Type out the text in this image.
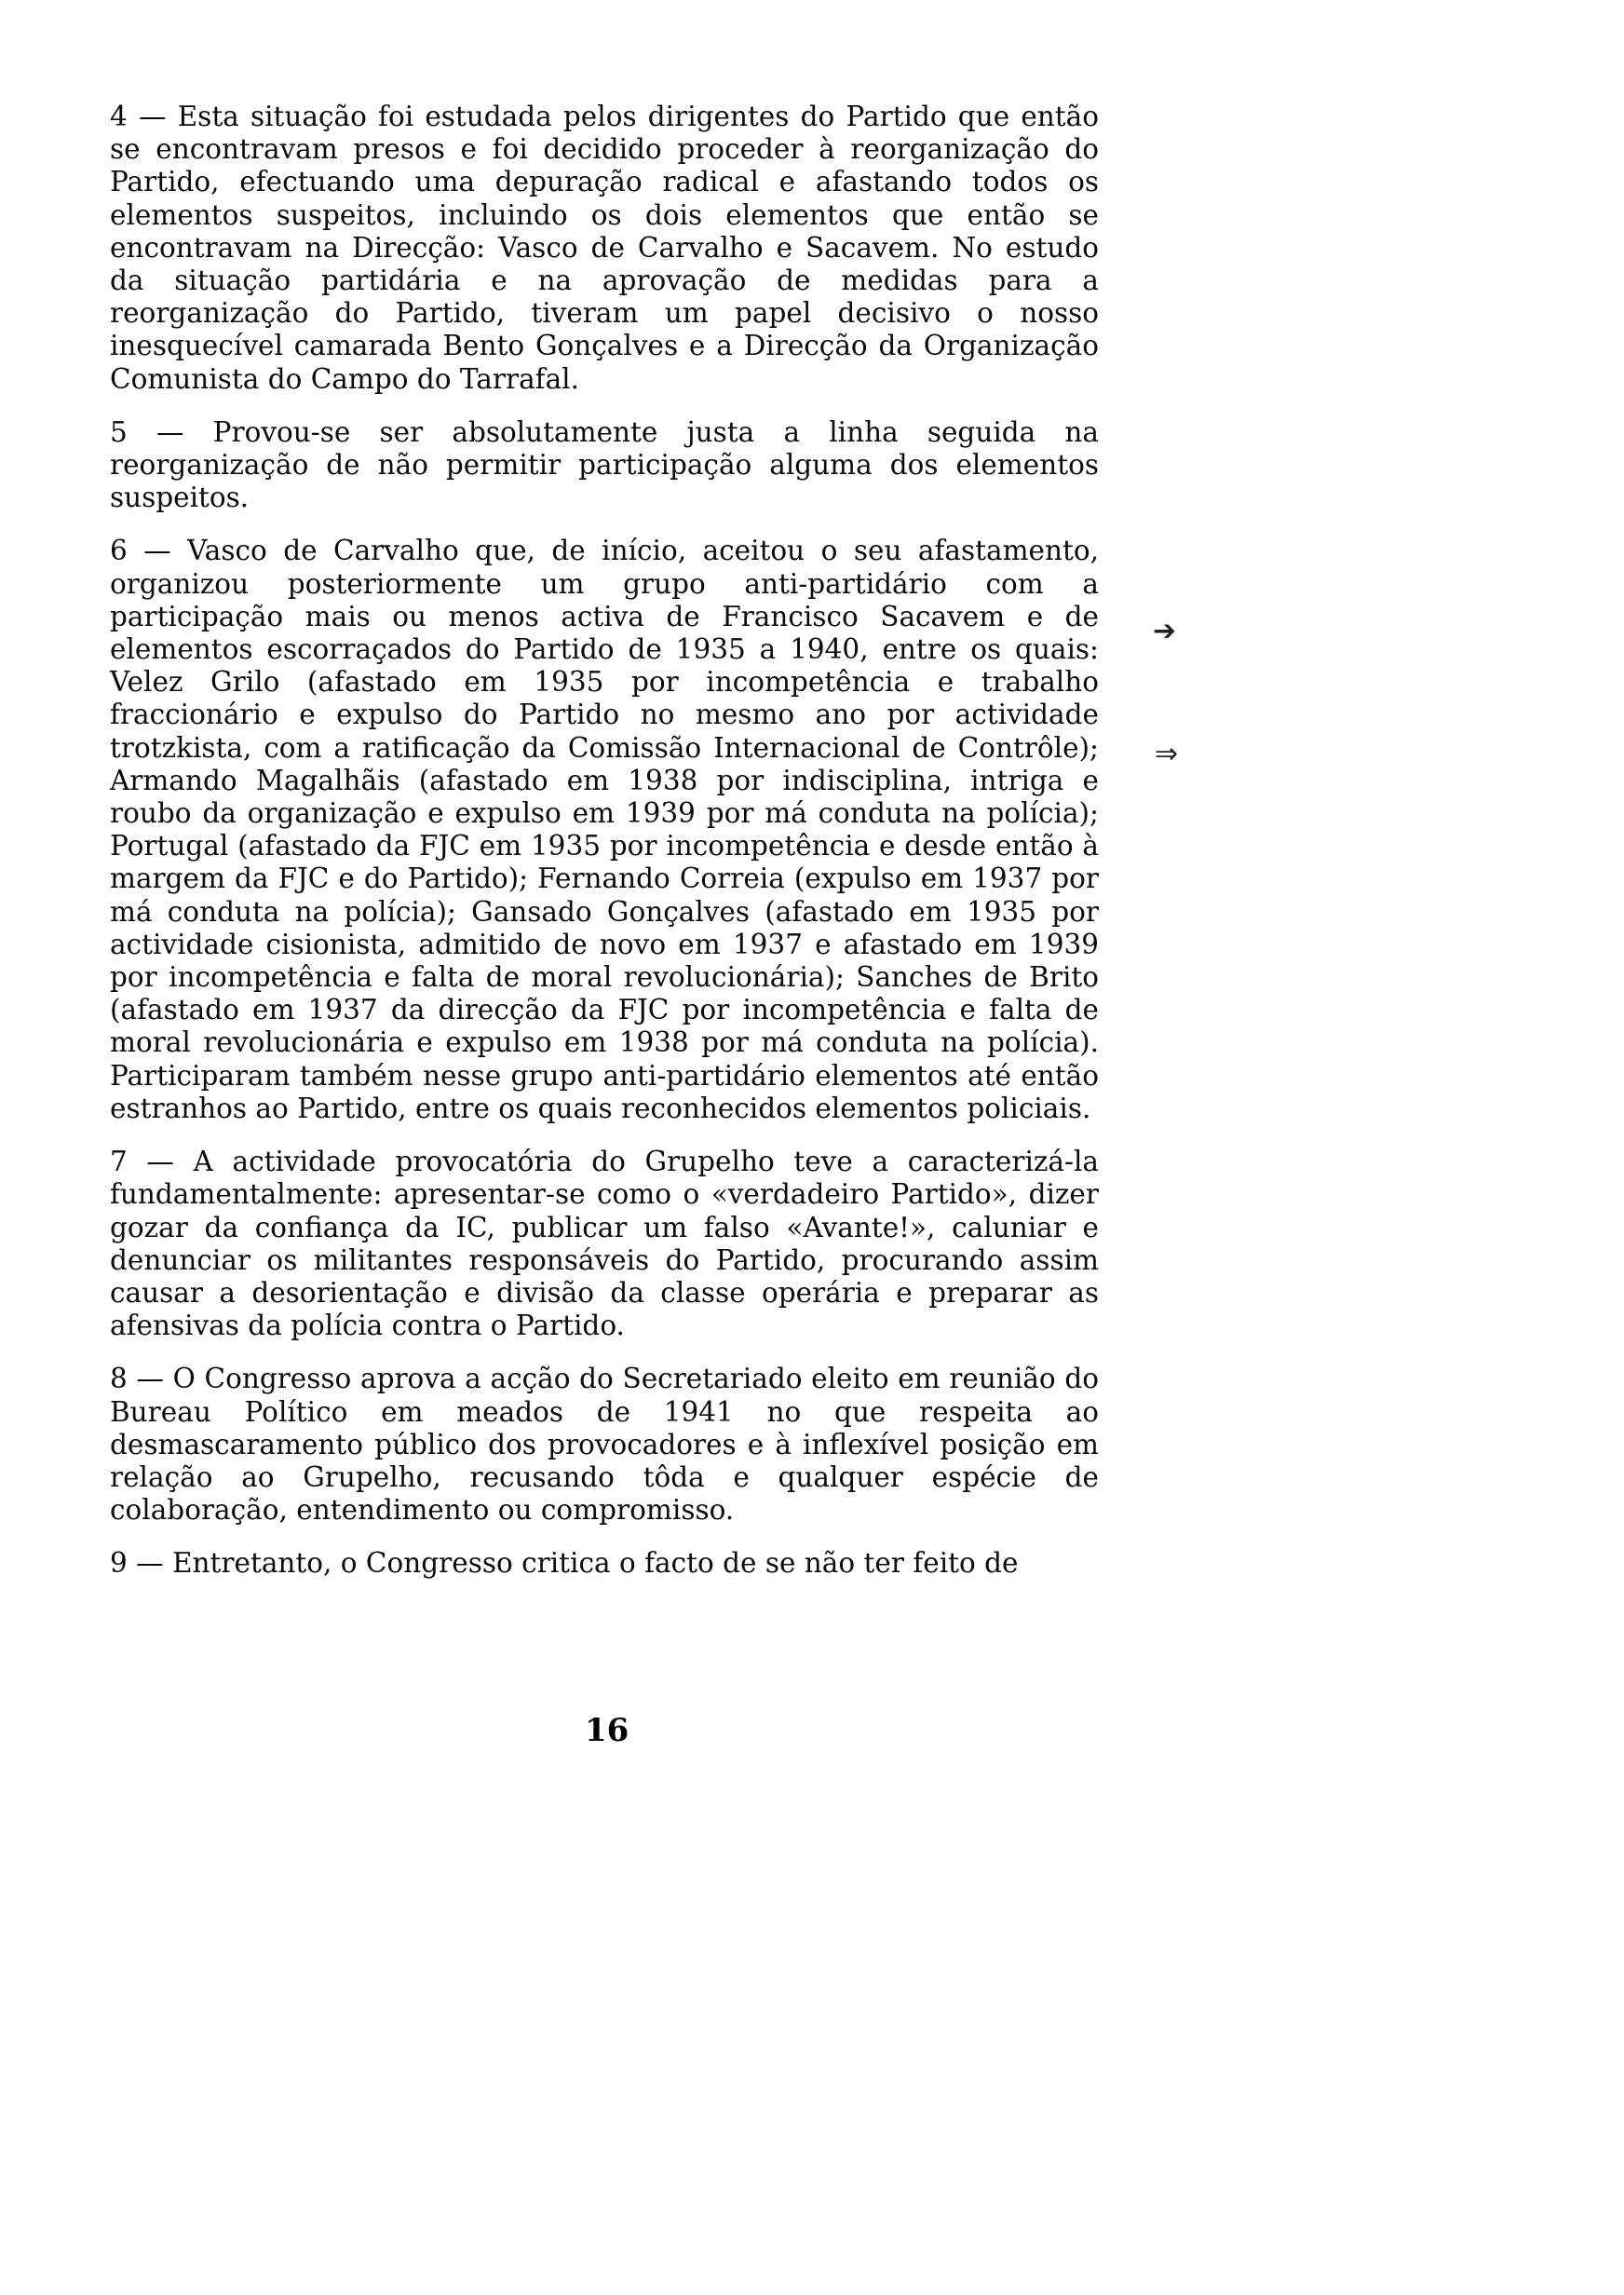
4 — Esta situação foi estudada pelos dirigentes do Partido que então se encontravam presos e foi decidido proceder à reorganização do Partido, efectuando uma depuração radical e afastando todos os elementos suspeitos, incluindo os dois elementos que então se encontravam na Direcção: Vasco de Carvalho e Sacavem. No estudo da situação partidária e na aprovação de medidas para a reorganização do Partido, tiveram um papel decisivo o nosso inesquecível camarada Bento Gonçalves e a Direcção da Organização Comunista do Campo do Tarrafal.

5 — Provou-se ser absolutamente justa a linha seguida na reorganização de não permitir participação alguma dos elementos suspeitos.

6 — Vasco de Carvalho que, de início, aceitou o seu afastamento, organizou posteriormente um grupo anti-partidário com a participação mais ou menos activa de Francisco Sacavem e de elementos escorraçados do Partido de 1935 a 1940, entre os quais: Velez Grilo (afastado em 1935 por incompetência e trabalho fraccionário e expulso do Partido no mesmo ano por actividade trotzkista, com a ratificação da Comissão Internacional de Contrôle); Armando Magalhãis (afastado em 1938 por indisciplina, intriga e roubo da organização e expulso em 1939 por má conduta na polícia); Portugal (afastado da FJC em 1935 por incompetência e desde então à margem da FJC e do Partido); Fernando Correia (expulso em 1937 por má conduta na polícia); Gansado Gonçalves (afastado em 1935 por actividade cisionista, admitido de novo em 1937 e afastado em 1939 por incompetência e falta de moral revolucionária); Sanches de Brito (afastado em 1937 da direcção da FJC por incompetência e falta de moral revolucionária e expulso em 1938 por má conduta na polícia). Participaram também nesse grupo anti-partidário elementos até então estranhos ao Partido, entre os quais reconhecidos elementos policiais.

7 — A actividade provocatória do Grupelho teve a caracterizá-la fundamentalmente: apresentar-se como o «verdadeiro Partido», dizer gozar da confiança da IC, publicar um falso «Avante!», caluniar e denunciar os militantes responsáveis do Partido, procurando assim causar a desorientação e divisão da classe operária e preparar as afensivas da polícia contra o Partido.

8 — O Congresso aprova a acção do Secretariado eleito em reunião do Bureau Político em meados de 1941 no que respeita ao desmascaramento público dos provocadores e à inflexível posição em relação ao Grupelho, recusando tôda e qualquer espécie de colaboração, entendimento ou compromisso.

9 — Entretanto, o Congresso critica o facto de se não ter feito de

➔
⇒
16
